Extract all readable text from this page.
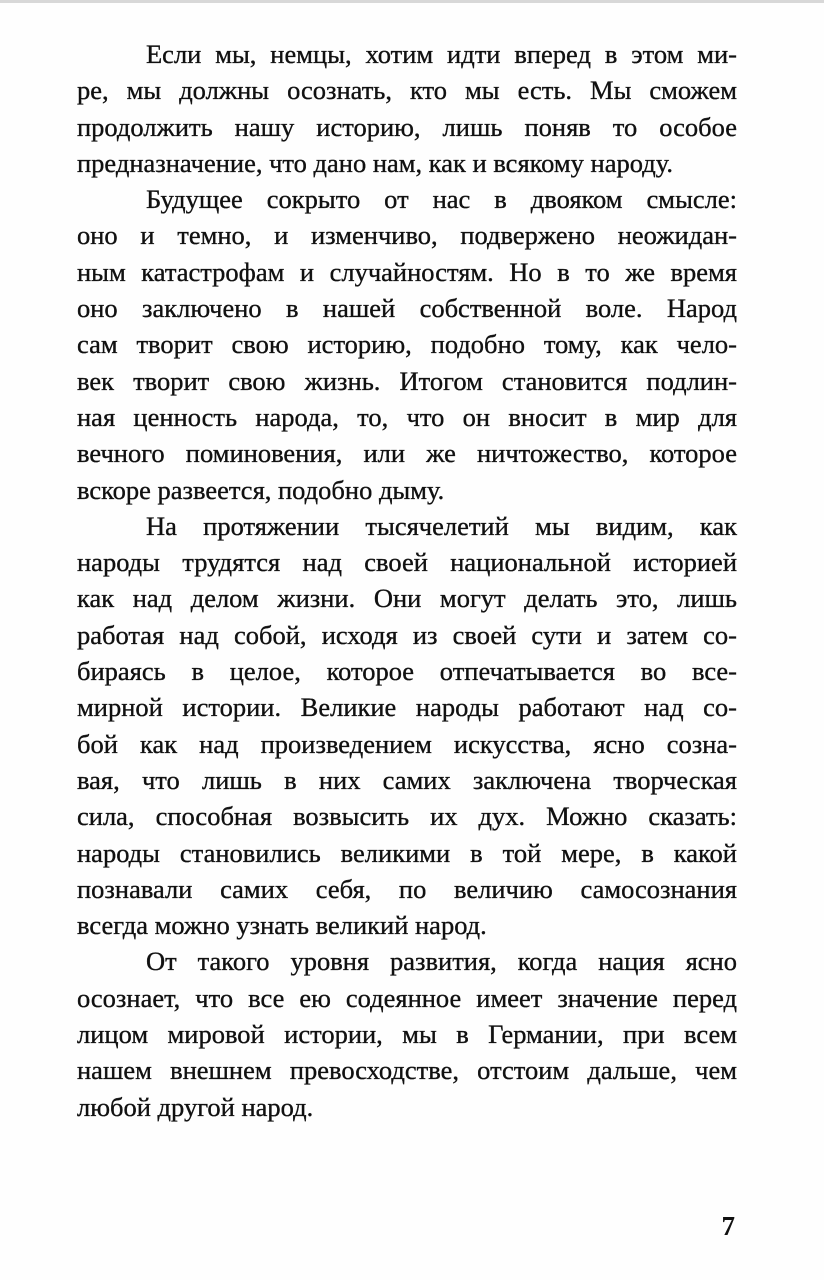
Если мы, немцы, хотим идти вперед в этом ми-
ре, мы должны осознать, кто мы есть. Мы сможем
продолжить нашу историю, лишь поняв то особое
предназначение, что дано нам, как и всякому народу.
Будущее сокрыто от нас в двояком смысле:
оно и темно, и изменчиво, подвержено неожидан-
ным катастрофам и случайностям. Но в то же время
оно заключено в нашей собственной воле. Народ
сам творит свою историю, подобно тому, как чело-
век творит свою жизнь. Итогом становится подлин-
ная ценность народа, то, что он вносит в мир для
вечного поминовения, или же ничтожество, которое
вскоре развеется, подобно дыму.
На протяжении тысячелетий мы видим, как
народы трудятся над своей национальной историей
как над делом жизни. Они могут делать это, лишь
работая над собой, исходя из своей сути и затем со-
бираясь в целое, которое отпечатывается во все-
мирной истории. Великие народы работают над со-
бой как над произведением искусства, ясно созна-
вая, что лишь в них самих заключена творческая
сила, способная возвысить их дух. Можно сказать:
народы становились великими в той мере, в какой
познавали самих себя, по величию самосознания
всегда можно узнать великий народ.
От такого уровня развития, когда нация ясно
осознает, что все ею содеянное имеет значение перед
лицом мировой истории, мы в Германии, при всем
нашем внешнем превосходстве, отстоим дальше, чем
любой другой народ.
7
